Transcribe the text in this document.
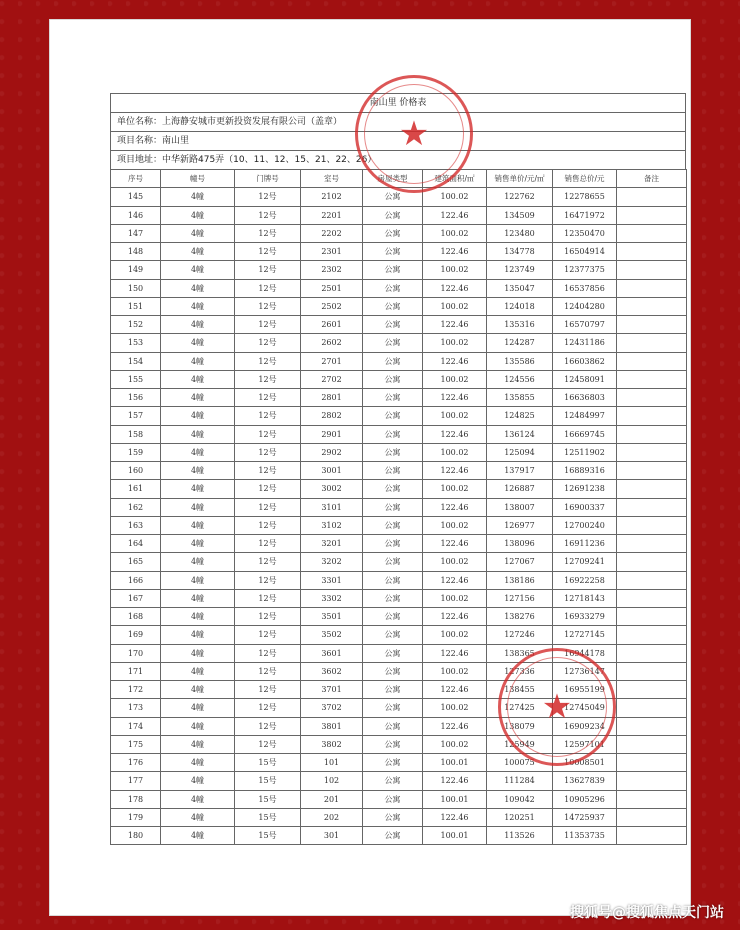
南山里 价格表
单位名称：上海静安城市更新投资发展有限公司（盖章）
项目名称：南山里
项目地址：中华新路475弄（10、11、12、15、21、22、26）
序号	幢号	门牌号	室号	房屋类型	建筑面积/㎡	销售单价/元/㎡	销售总价/元	备注
145	4幢	12号	2102	公寓	100.02	122762	12278655	
146	4幢	12号	2201	公寓	122.46	134509	16471972	
147	4幢	12号	2202	公寓	100.02	123480	12350470	
148	4幢	12号	2301	公寓	122.46	134778	16504914	
149	4幢	12号	2302	公寓	100.02	123749	12377375	
150	4幢	12号	2501	公寓	122.46	135047	16537856	
151	4幢	12号	2502	公寓	100.02	124018	12404280	
152	4幢	12号	2601	公寓	122.46	135316	16570797	
153	4幢	12号	2602	公寓	100.02	124287	12431186	
154	4幢	12号	2701	公寓	122.46	135586	16603862	
155	4幢	12号	2702	公寓	100.02	124556	12458091	
156	4幢	12号	2801	公寓	122.46	135855	16636803	
157	4幢	12号	2802	公寓	100.02	124825	12484997	
158	4幢	12号	2901	公寓	122.46	136124	16669745	
159	4幢	12号	2902	公寓	100.02	125094	12511902	
160	4幢	12号	3001	公寓	122.46	137917	16889316	
161	4幢	12号	3002	公寓	100.02	126887	12691238	
162	4幢	12号	3101	公寓	122.46	138007	16900337	
163	4幢	12号	3102	公寓	100.02	126977	12700240	
164	4幢	12号	3201	公寓	122.46	138096	16911236	
165	4幢	12号	3202	公寓	100.02	127067	12709241	
166	4幢	12号	3301	公寓	122.46	138186	16922258	
167	4幢	12号	3302	公寓	100.02	127156	12718143	
168	4幢	12号	3501	公寓	122.46	138276	16933279	
169	4幢	12号	3502	公寓	100.02	127246	12727145	
170	4幢	12号	3601	公寓	122.46	138365	16944178	
171	4幢	12号	3602	公寓	100.02	127336	12736147	
172	4幢	12号	3701	公寓	122.46	138455	16955199	
173	4幢	12号	3702	公寓	100.02	127425	12745049	
174	4幢	12号	3801	公寓	122.46	138079	16909234	
175	4幢	12号	3802	公寓	100.02	125949	12597101	
176	4幢	15号	101	公寓	100.01	100075	10008501	
177	4幢	15号	102	公寓	122.46	111284	13627839	
178	4幢	15号	201	公寓	100.01	109042	10905296	
179	4幢	15号	202	公寓	122.46	120251	14725937	
180	4幢	15号	301	公寓	100.01	113526	11353735	
★
★
搜狐号@搜狐焦点天门站
